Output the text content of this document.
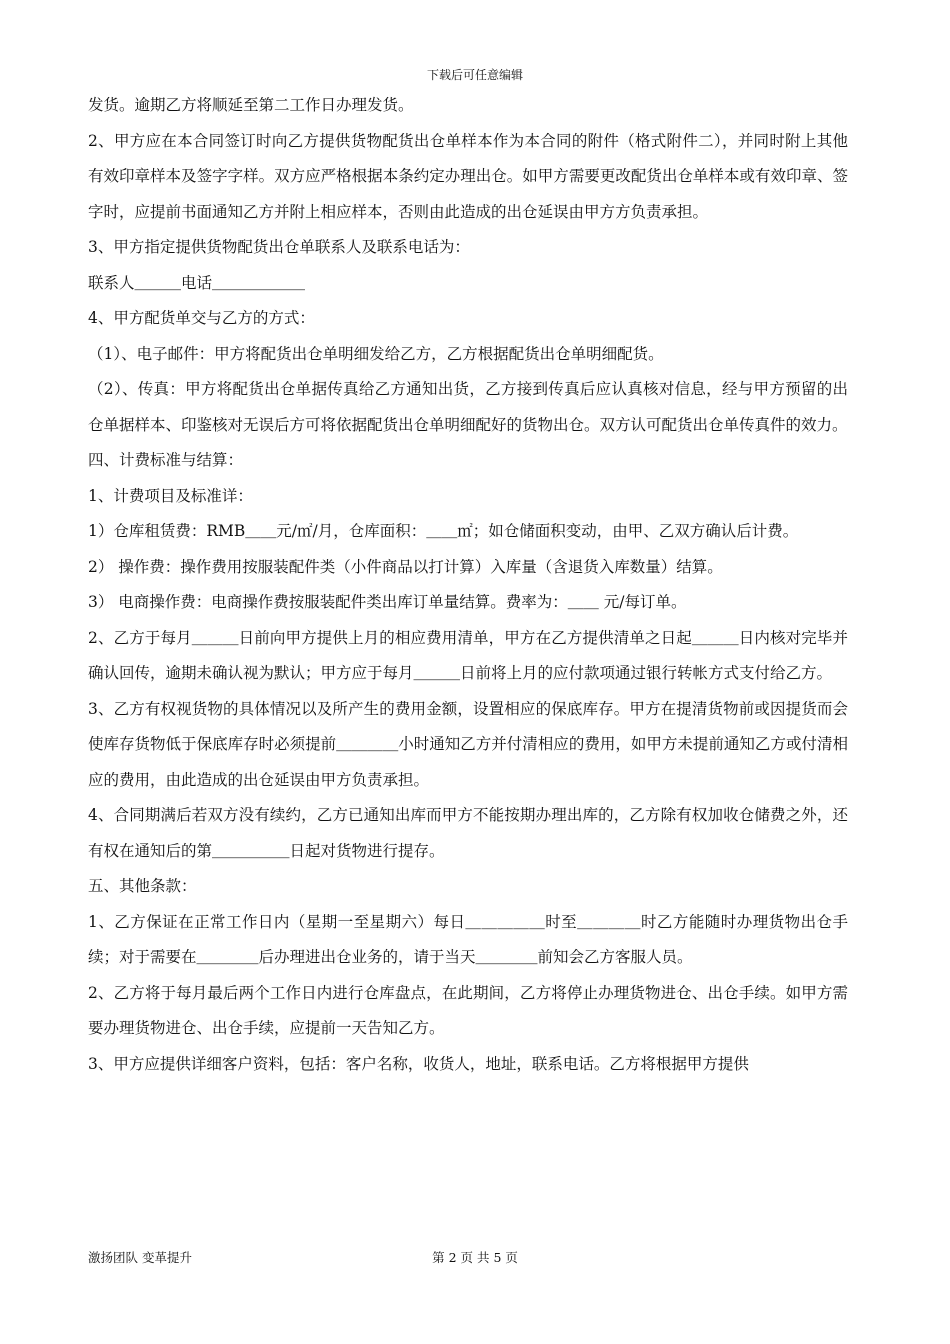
下载后可任意编辑

发货。逾期乙方将顺延至第二工作日办理发货。

2、甲方应在本合同签订时向乙方提供货物配货出仓单样本作为本合同的附件（格式附件二），并同时附上其他有效印章样本及签字字样。双方应严格根据本条约定办理出仓。如甲方需要更改配货出仓单样本或有效印章、签字时，应提前书面通知乙方并附上相应样本，否则由此造成的出仓延误由甲方方负责承担。

3、甲方指定提供货物配货出仓单联系人及联系电话为：

联系人＿＿＿电话＿＿＿＿＿＿

4、甲方配货单交与乙方的方式：

（1）、电子邮件：甲方将配货出仓单明细发给乙方，乙方根据配货出仓单明细配货。

（2）、传真：甲方将配货出仓单据传真给乙方通知出货，乙方接到传真后应认真核对信息，经与甲方预留的出仓单据样本、印鉴核对无误后方可将依据配货出仓单明细配好的货物出仓。双方认可配货出仓单传真件的效力。

四、计费标准与结算：

1、计费项目及标准详：

1）仓库租赁费：RMB＿＿元/㎡/月，仓库面积：＿＿㎡；如仓储面积变动，由甲、乙双方确认后计费。

2） 操作费：操作费用按服装配件类（小件商品以打计算）入库量（含退货入库数量）结算。

3） 电商操作费：电商操作费按服装配件类出库订单量结算。费率为：＿＿ 元/每订单。

2、乙方于每月＿＿＿日前向甲方提供上月的相应费用清单，甲方在乙方提供清单之日起＿＿＿日内核对完毕并确认回传，逾期未确认视为默认；甲方应于每月＿＿＿日前将上月的应付款项通过银行转帐方式支付给乙方。

3、乙方有权视货物的具体情况以及所产生的费用金额，设置相应的保底库存。甲方在提清货物前或因提货而会使库存货物低于保底库存时必须提前＿＿＿＿小时通知乙方并付清相应的费用，如甲方未提前通知乙方或付清相应的费用，由此造成的出仓延误由甲方负责承担。

4、合同期满后若双方没有续约，乙方已通知出库而甲方不能按期办理出库的，乙方除有权加收仓储费之外，还有权在通知后的第＿＿＿＿＿日起对货物进行提存。

五、其他条款：

1、乙方保证在正常工作日内（星期一至星期六）每日＿＿＿＿＿时至＿＿＿＿时乙方能随时办理货物出仓手续；对于需要在＿＿＿＿后办理进出仓业务的，请于当天＿＿＿＿前知会乙方客服人员。

2、乙方将于每月最后两个工作日内进行仓库盘点，在此期间，乙方将停止办理货物进仓、出仓手续。如甲方需要办理货物进仓、出仓手续，应提前一天告知乙方。

3、甲方应提供详细客户资料，包括：客户名称，收货人，地址，联系电话。乙方将根据甲方提供

激扬团队 变革提升	第 2 页 共 5 页
